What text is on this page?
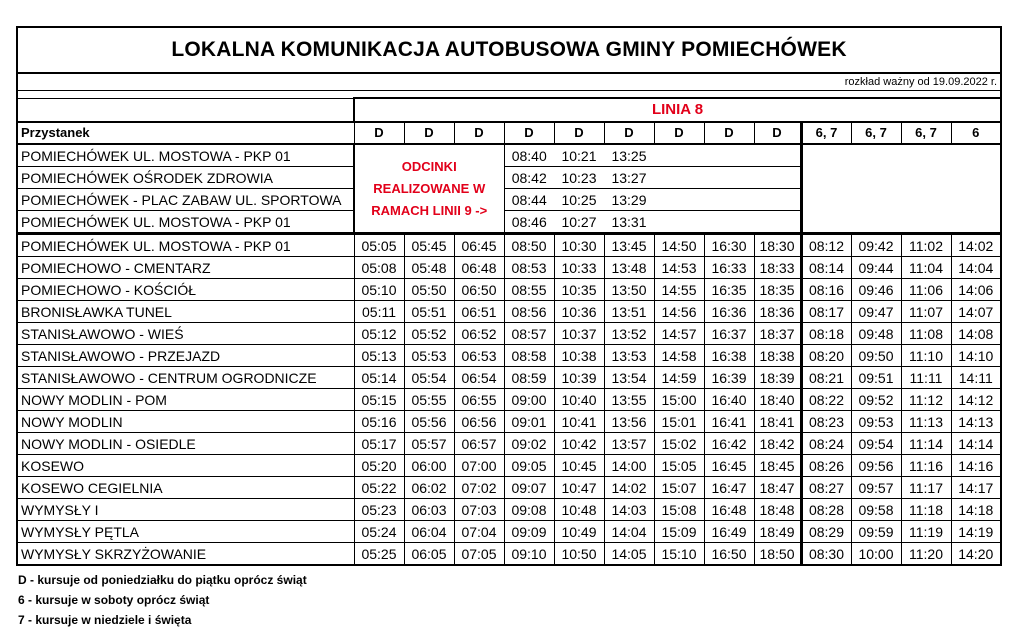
LOKALNA KOMUNIKACJA AUTOBUSOWA GMINY POMIECHÓWEK													
rozkład ważny od 19.09.2022 r.													

	LINIA 8												
Przystanek	D	D	D	D	D	D	D	D	D	6, 7	6, 7	6, 7	6
POMIECHÓWEK UL. MOSTOWA - PKP 01	ODCINKI REALIZOWANE W RAMACH LINII 9 ->			08:40	10:21	13:25							
POMIECHÓWEK OŚRODEK ZDROWIA				08:42	10:23	13:27							
POMIECHÓWEK - PLAC ZABAW UL. SPORTOWA				08:44	10:25	13:29							
POMIECHÓWEK UL. MOSTOWA - PKP 01				08:46	10:27	13:31							
POMIECHÓWEK UL. MOSTOWA - PKP 01	05:05	05:45	06:45	08:50	10:30	13:45	14:50	16:30	18:30	08:12	09:42	11:02	14:02
POMIECHOWO - CMENTARZ	05:08	05:48	06:48	08:53	10:33	13:48	14:53	16:33	18:33	08:14	09:44	11:04	14:04
POMIECHOWO - KOŚCIÓŁ	05:10	05:50	06:50	08:55	10:35	13:50	14:55	16:35	18:35	08:16	09:46	11:06	14:06
BRONISŁAWKA TUNEL	05:11	05:51	06:51	08:56	10:36	13:51	14:56	16:36	18:36	08:17	09:47	11:07	14:07
STANISŁAWOWO - WIEŚ	05:12	05:52	06:52	08:57	10:37	13:52	14:57	16:37	18:37	08:18	09:48	11:08	14:08
STANISŁAWOWO - PRZEJAZD	05:13	05:53	06:53	08:58	10:38	13:53	14:58	16:38	18:38	08:20	09:50	11:10	14:10
STANISŁAWOWO - CENTRUM OGRODNICZE	05:14	05:54	06:54	08:59	10:39	13:54	14:59	16:39	18:39	08:21	09:51	11:11	14:11
NOWY MODLIN - POM	05:15	05:55	06:55	09:00	10:40	13:55	15:00	16:40	18:40	08:22	09:52	11:12	14:12
NOWY MODLIN	05:16	05:56	06:56	09:01	10:41	13:56	15:01	16:41	18:41	08:23	09:53	11:13	14:13
NOWY MODLIN - OSIEDLE	05:17	05:57	06:57	09:02	10:42	13:57	15:02	16:42	18:42	08:24	09:54	11:14	14:14
KOSEWO	05:20	06:00	07:00	09:05	10:45	14:00	15:05	16:45	18:45	08:26	09:56	11:16	14:16
KOSEWO CEGIELNIA	05:22	06:02	07:02	09:07	10:47	14:02	15:07	16:47	18:47	08:27	09:57	11:17	14:17
WYMYSŁY I	05:23	06:03	07:03	09:08	10:48	14:03	15:08	16:48	18:48	08:28	09:58	11:18	14:18
WYMYSŁY PĘTLA	05:24	06:04	07:04	09:09	10:49	14:04	15:09	16:49	18:49	08:29	09:59	11:19	14:19
WYMYSŁY SKRZYŻOWANIE	05:25	06:05	07:05	09:10	10:50	14:05	15:10	16:50	18:50	08:30	10:00	11:20	14:20
D - kursuje od poniedziałku do piątku oprócz świąt
6 - kursuje w soboty oprócz świąt
7 - kursuje w niedziele i święta
